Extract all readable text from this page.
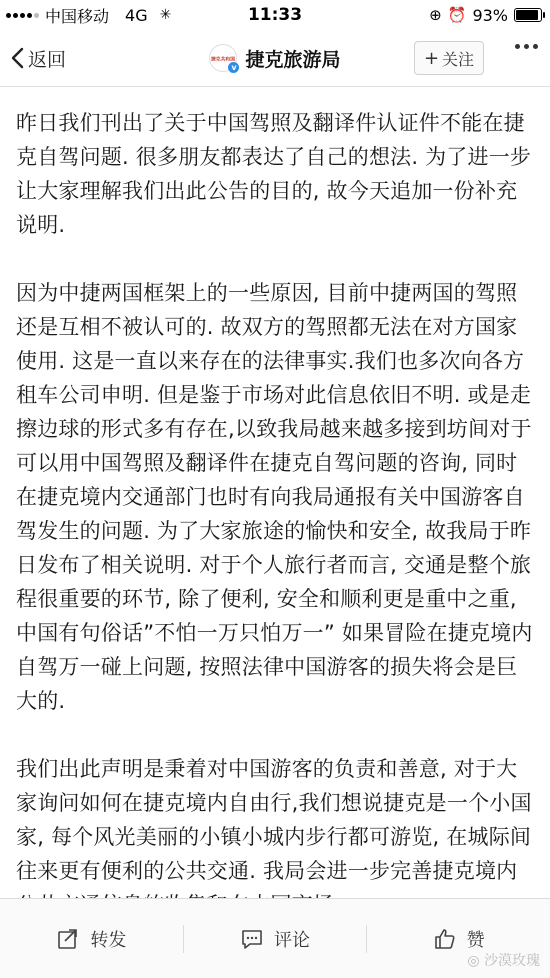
中国移动 4G ✳	11:33	⊕ ⏰ 93%
返回	捷克共和国
v 捷克旅游局	+ 关注

昨日我们刊出了关于中国驾照及翻译件认证件不能在捷克自驾问题. 很多朋友都表达了自己的想法. 为了进一步让大家理解我们出此公告的目的, 故今天追加一份补充说明.

因为中捷两国框架上的一些原因, 目前中捷两国的驾照还是互相不被认可的. 故双方的驾照都无法在对方国家使用. 这是一直以来存在的法律事实.我们也多次向各方租车公司申明. 但是鉴于市场对此信息依旧不明. 或是走擦边球的形式多有存在,以致我局越来越多接到坊间对于可以用中国驾照及翻译件在捷克自驾问题的咨询, 同时在捷克境内交通部门也时有向我局通报有关中国游客自驾发生的问题. 为了大家旅途的愉快和安全, 故我局于昨日发布了相关说明. 对于个人旅行者而言, 交通是整个旅程很重要的环节, 除了便利, 安全和顺利更是重中之重, 中国有句俗话”不怕一万只怕万一” 如果冒险在捷克境内自驾万一碰上问题, 按照法律中国游客的损失将会是巨大的.

我们出此声明是秉着对中国游客的负责和善意, 对于大家询问如何在捷克境内自由行,我们想说捷克是一个小国家, 每个风光美丽的小镇小城内步行都可游览, 在城际间往来更有便利的公共交通. 我局会进一步完善捷克境内

转发	评论	赞
◎ 沙漠玫瑰
